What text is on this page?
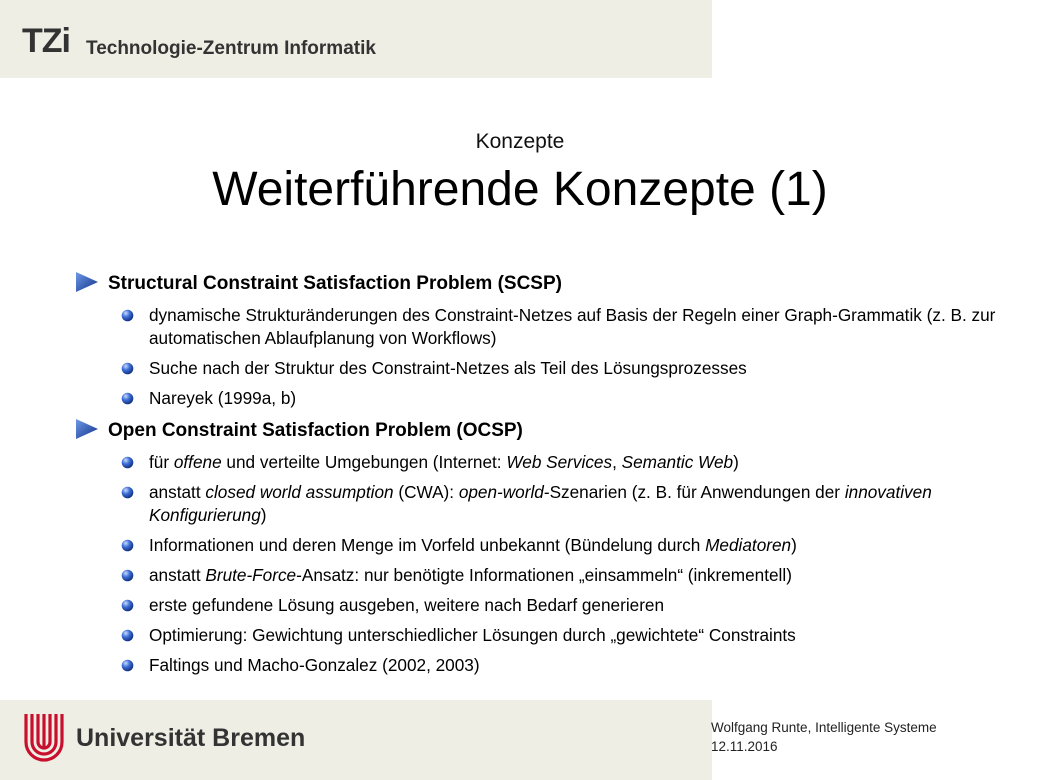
TZi Technologie-Zentrum Informatik
Konzepte
Weiterführende Konzepte (1)
Structural Constraint Satisfaction Problem (SCSP)
dynamische Strukturänderungen des Constraint-Netzes auf Basis der Regeln einer Graph-Grammatik (z. B. zur automatischen Ablaufplanung von Workflows)
Suche nach der Struktur des Constraint-Netzes als Teil des Lösungsprozesses
Nareyek (1999a, b)
Open Constraint Satisfaction Problem (OCSP)
für offene und verteilte Umgebungen (Internet: Web Services, Semantic Web)
anstatt closed world assumption (CWA): open-world-Szenarien (z. B. für Anwendungen der innovativen Konfigurierung)
Informationen und deren Menge im Vorfeld unbekannt (Bündelung durch Mediatoren)
anstatt Brute-Force-Ansatz: nur benötigte Informationen „einsammeln“ (inkrementell)
erste gefundene Lösung ausgeben, weitere nach Bedarf generieren
Optimierung: Gewichtung unterschiedlicher Lösungen durch „gewichtete“ Constraints
Faltings und Macho-Gonzalez (2002, 2003)
Universität Bremen	Wolfgang Runte, Intelligente Systeme
12.11.2016
